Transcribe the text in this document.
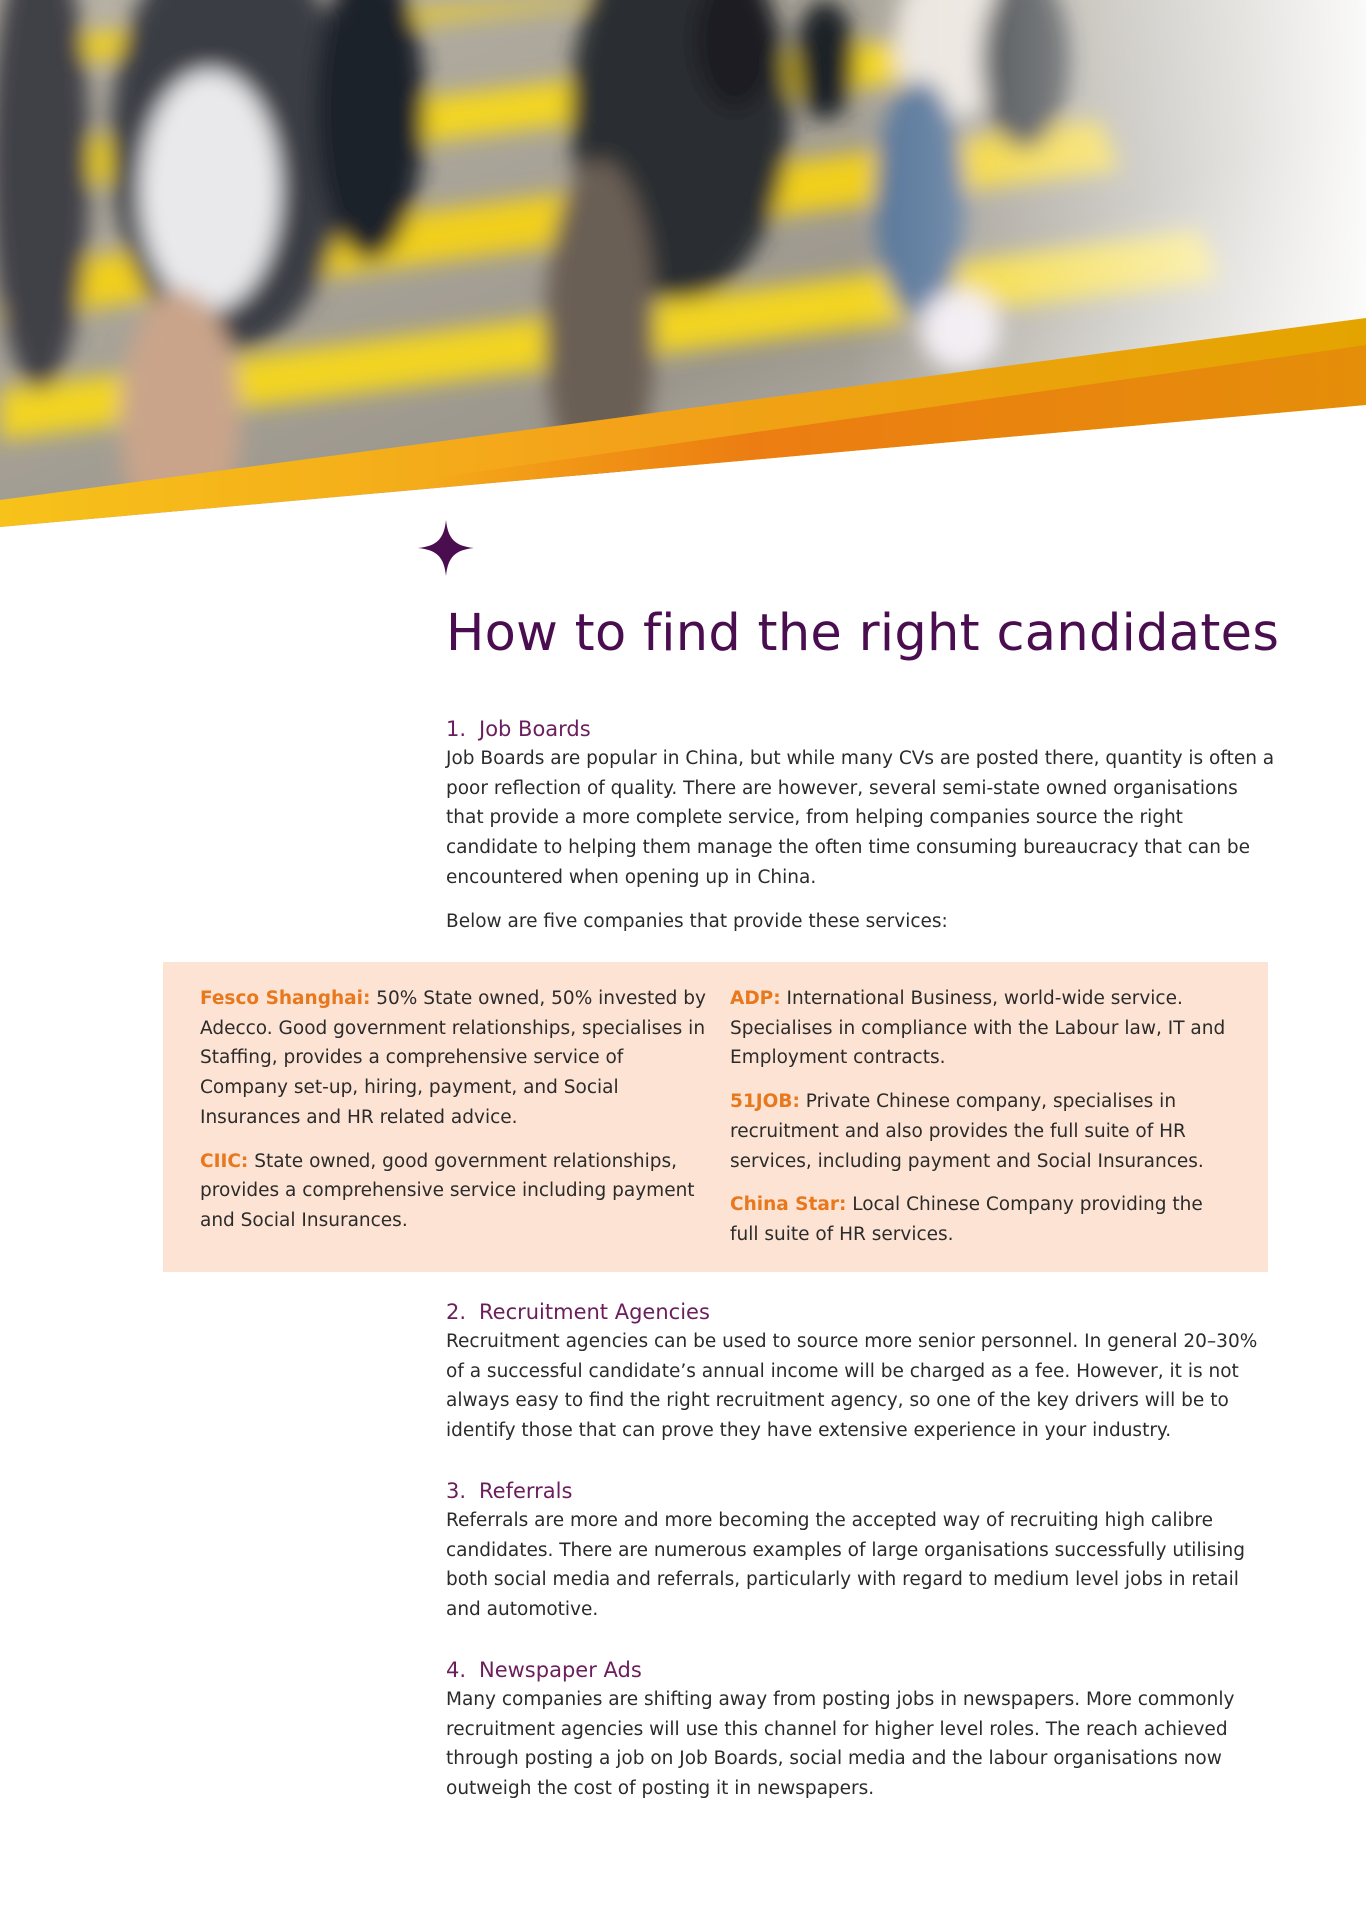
How to find the right candidates
1. Job Boards

Job Boards are popular in China, but while many CVs are posted there, quantity is often a poor reflection of quality. There are however, several semi-state owned organisations that provide a more complete service, from helping companies source the right candidate to helping them manage the often time consuming bureaucracy that can be encountered when opening up in China.

Below are five companies that provide these services:

Fesco Shanghai: 50% State owned, 50% invested by Adecco. Good government relationships, specialises in Staffing, provides a comprehensive service of Company set-up, hiring, payment, and Social Insurances and HR related advice.

CIIC: State owned, good government relationships, provides a comprehensive service including payment and Social Insurances.

ADP: International Business, world-wide service. Specialises in compliance with the Labour law, IT and Employment contracts.

51JOB: Private Chinese company, specialises in recruitment and also provides the full suite of HR services, including payment and Social Insurances.

China Star: Local Chinese Company providing the full suite of HR services.

2. Recruitment Agencies

Recruitment agencies can be used to source more senior personnel. In general 20–30% of a successful candidate’s annual income will be charged as a fee. However, it is not always easy to find the right recruitment agency, so one of the key drivers will be to identify those that can prove they have extensive experience in your industry.

3. Referrals

Referrals are more and more becoming the accepted way of recruiting high calibre candidates. There are numerous examples of large organisations successfully utilising both social media and referrals, particularly with regard to medium level jobs in retail and automotive.

4. Newspaper Ads

Many companies are shifting away from posting jobs in newspapers. More commonly recruitment agencies will use this channel for higher level roles. The reach achieved through posting a job on Job Boards, social media and the labour organisations now outweigh the cost of posting it in newspapers.
